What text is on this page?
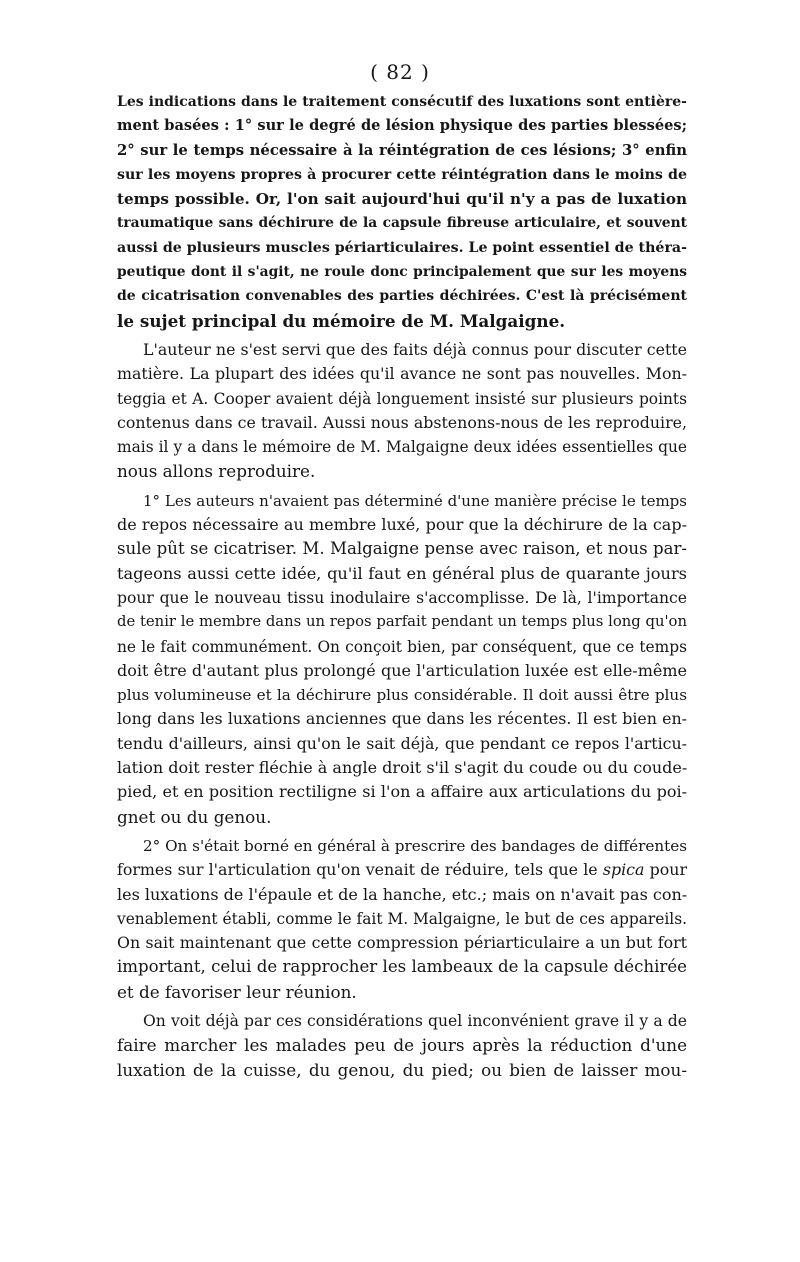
( 82 )
Les indications dans le traitement consécutif des luxations sont entière-
ment basées : 1° sur le degré de lésion physique des parties blessées;
2° sur le temps nécessaire à la réintégration de ces lésions; 3° enfin
sur les moyens propres à procurer cette réintégration dans le moins de
temps possible. Or, l'on sait aujourd'hui qu'il n'y a pas de luxation
traumatique sans déchirure de la capsule fibreuse articulaire, et souvent
aussi de plusieurs muscles périarticulaires. Le point essentiel de théra-
peutique dont il s'agit, ne roule donc principalement que sur les moyens
de cicatrisation convenables des parties déchirées. C'est là précisément
le sujet principal du mémoire de M. Malgaigne.
L'auteur ne s'est servi que des faits déjà connus pour discuter cette
matière. La plupart des idées qu'il avance ne sont pas nouvelles. Mon-
teggia et A. Cooper avaient déjà longuement insisté sur plusieurs points
contenus dans ce travail. Aussi nous abstenons-nous de les reproduire,
mais il y a dans le mémoire de M. Malgaigne deux idées essentielles que
nous allons reproduire.
1° Les auteurs n'avaient pas déterminé d'une manière précise le temps
de repos nécessaire au membre luxé, pour que la déchirure de la cap-
sule pût se cicatriser. M. Malgaigne pense avec raison, et nous par-
tageons aussi cette idée, qu'il faut en général plus de quarante jours
pour que le nouveau tissu inodulaire s'accomplisse. De là, l'importance
de tenir le membre dans un repos parfait pendant un temps plus long qu'on
ne le fait communément. On conçoit bien, par conséquent, que ce temps
doit être d'autant plus prolongé que l'articulation luxée est elle-même
plus volumineuse et la déchirure plus considérable. Il doit aussi être plus
long dans les luxations anciennes que dans les récentes. Il est bien en-
tendu d'ailleurs, ainsi qu'on le sait déjà, que pendant ce repos l'articu-
lation doit rester fléchie à angle droit s'il s'agit du coude ou du coude-
pied, et en position rectiligne si l'on a affaire aux articulations du poi-
gnet ou du genou.
2° On s'était borné en général à prescrire des bandages de différentes
formes sur l'articulation qu'on venait de réduire, tels que le spica pour
les luxations de l'épaule et de la hanche, etc.; mais on n'avait pas con-
venablement établi, comme le fait M. Malgaigne, le but de ces appareils.
On sait maintenant que cette compression périarticulaire a un but fort
important, celui de rapprocher les lambeaux de la capsule déchirée
et de favoriser leur réunion.
On voit déjà par ces considérations quel inconvénient grave il y a de
faire marcher les malades peu de jours après la réduction d'une
luxation de la cuisse, du genou, du pied; ou bien de laisser mou-
